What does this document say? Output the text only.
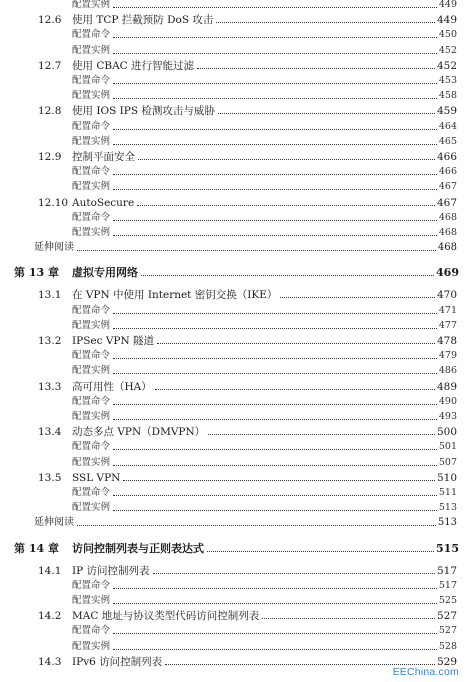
配置实例	449
12.6	使用 TCP 拦截预防 DoS 攻击	449
配置命令	450
配置实例	452
12.7	使用 CBAC 进行智能过滤	452
配置命令	453
配置实例	458
12.8	使用 IOS IPS 检测攻击与威胁	459
配置命令	464
配置实例	465
12.9	控制平面安全	466
配置命令	466
配置实例	467
12.10 AutoSecure	467
配置命令	468
配置实例	468
延伸阅读	468
第 13 章	虚拟专用网络	469
13.1	在 VPN 中使用 Internet 密钥交换（IKE）	470
配置命令	471
配置实例	477
13.2	IPSec VPN 隧道	478
配置命令	479
配置实例	486
13.3	高可用性（HA）	489
配置命令	490
配置实例	493
13.4	动态多点 VPN（DMVPN）	500
配置命令	501
配置实例	507
13.5	SSL VPN	510
配置命令	511
配置实例	513
延伸阅读	513
第 14 章	访问控制列表与正则表达式	515
14.1	IP 访问控制列表	517
配置命令	517
配置实例	525
14.2	MAC 地址与协议类型代码访问控制列表	527
配置命令	527
配置实例	528
14.3	IPv6 访问控制列表	529
EEChina.com
